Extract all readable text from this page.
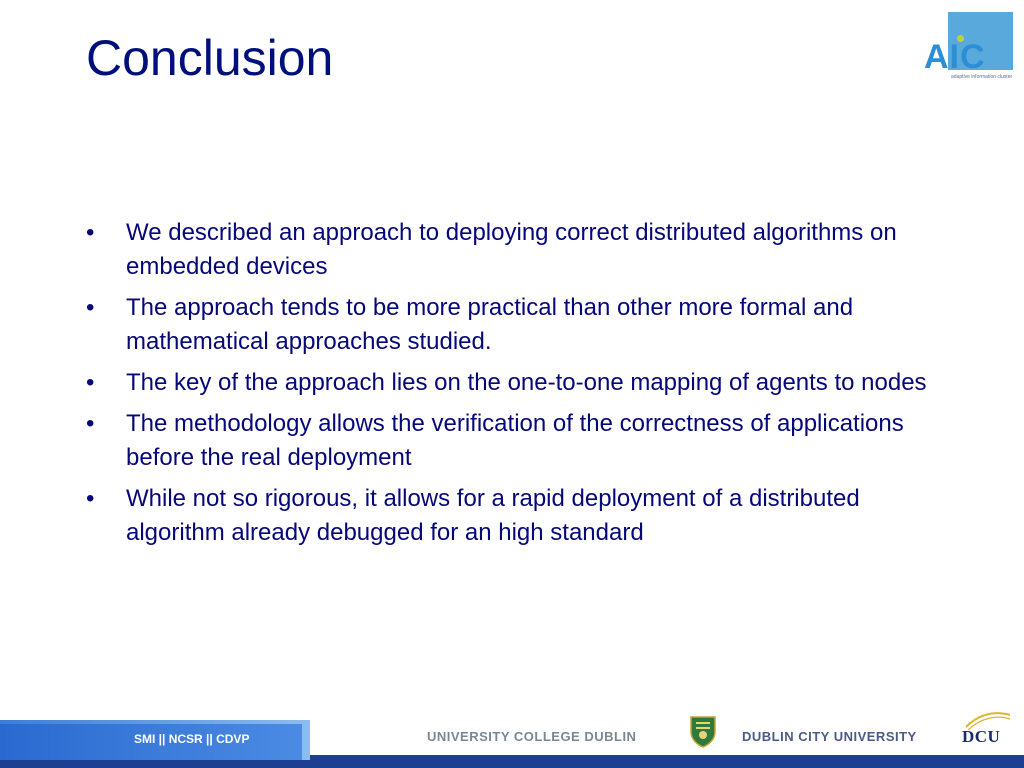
Conclusion	AIC
adaptive information cluster
• We described an approach to deploying correct distributed algorithms on embedded devices
• The approach tends to be more practical than other more formal and mathematical approaches studied.
• The key of the approach lies on the one-to-one mapping of agents to nodes
• The methodology allows the verification of the correctness of applications before the real deployment
• While not so rigorous, it allows for a rapid deployment of a distributed algorithm already debugged for an high standard
SMI || NCSR || CDVP	UNIVERSITY COLLEGE DUBLIN	DUBLIN CITY UNIVERSITY	DCU
